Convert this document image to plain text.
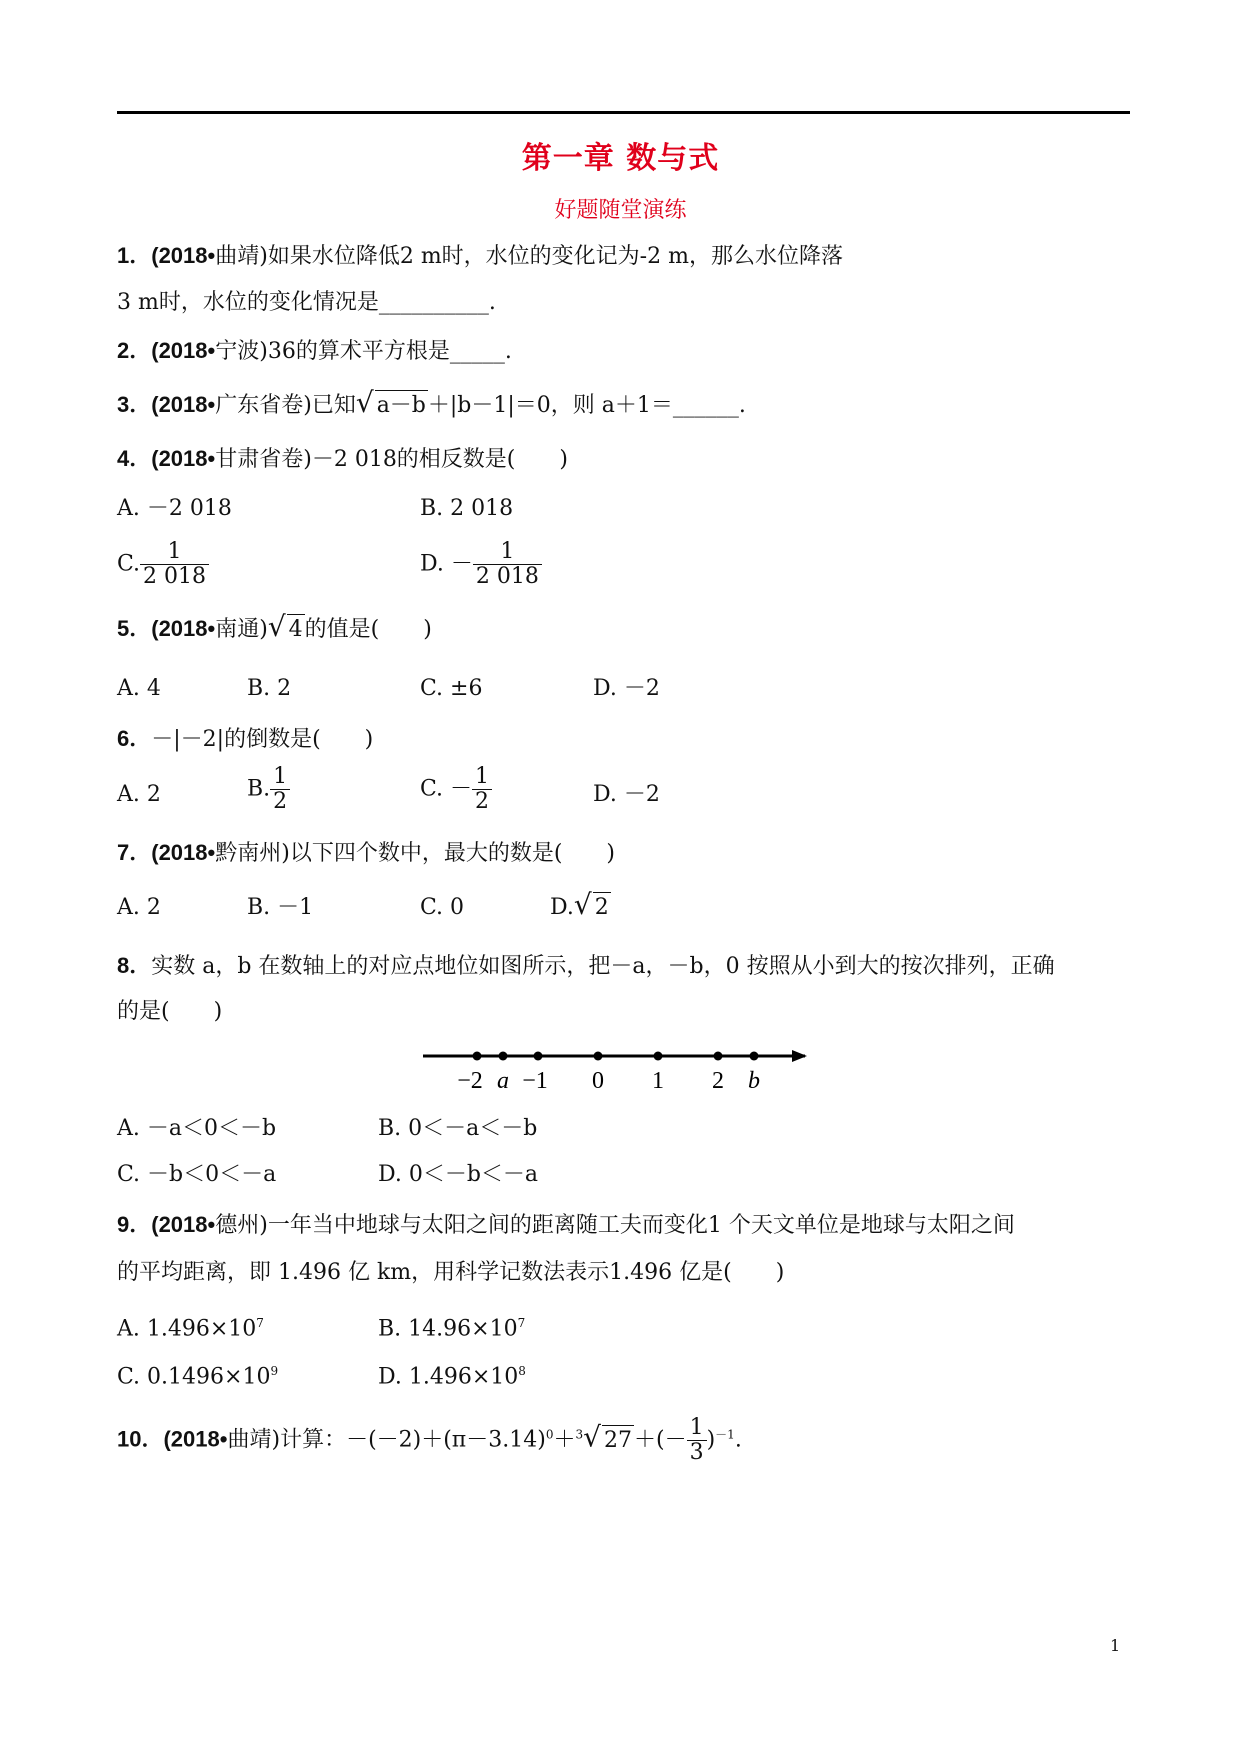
第一章 数与式
好题随堂演练
1．(2018•曲靖)如果水位降低2 m时，水位的变化记为-2 m，那么水位降落
3 m时，水位的变化情况是__________.
2．(2018•宁波)36的算术平方根是_____.
3．(2018•广东省卷)已知√ a－b＋|b－1|＝0，则 a＋1＝______.
4．(2018•甘肃省卷)－2 018的相反数是(　　)
A. －2 018	B. 2 018
C. $\frac{1}{2 018}$	D. － $\frac{1}{2 018}$
5．(2018•南通)√ 4的值是(　　)
A. 4	B. 2	C. ±6	D. －2
6．－|－2|的倒数是(　　)
A. 2	B. $\frac{1}{2}$	C. － $\frac{1}{2}$	D. －2
7．(2018•黔南州)以下四个数中，最大的数是(　　)
A. 2	B. －1	C. 0	D.√ 2
8．实数 a，b 在数轴上的对应点地位如图所示，把－a，－b，0 按照从小到大的按次排列，正确
的是(　　)
−2 a −1 0 1 2 b
A. －a＜0＜－b	B. 0＜－a＜－b
C. －b＜0＜－a	D. 0＜－b＜－a
9．(2018•德州)一年当中地球与太阳之间的距离随工夫而变化1 个天文单位是地球与太阳之间
的平均距离，即 1.496 亿 km，用科学记数法表示1.496 亿是(　　)
A. $1.496\times 10^7$	B. $14.96\times 10^7$
C. $0.1496\times 10^9$	D. $1.496\times 10^8$
10．(2018•曲靖)计算：$-(-2)+(\pi-3.14)^0+^3√$ $27+(- \frac{1}{3} )^{-1}$.
1
